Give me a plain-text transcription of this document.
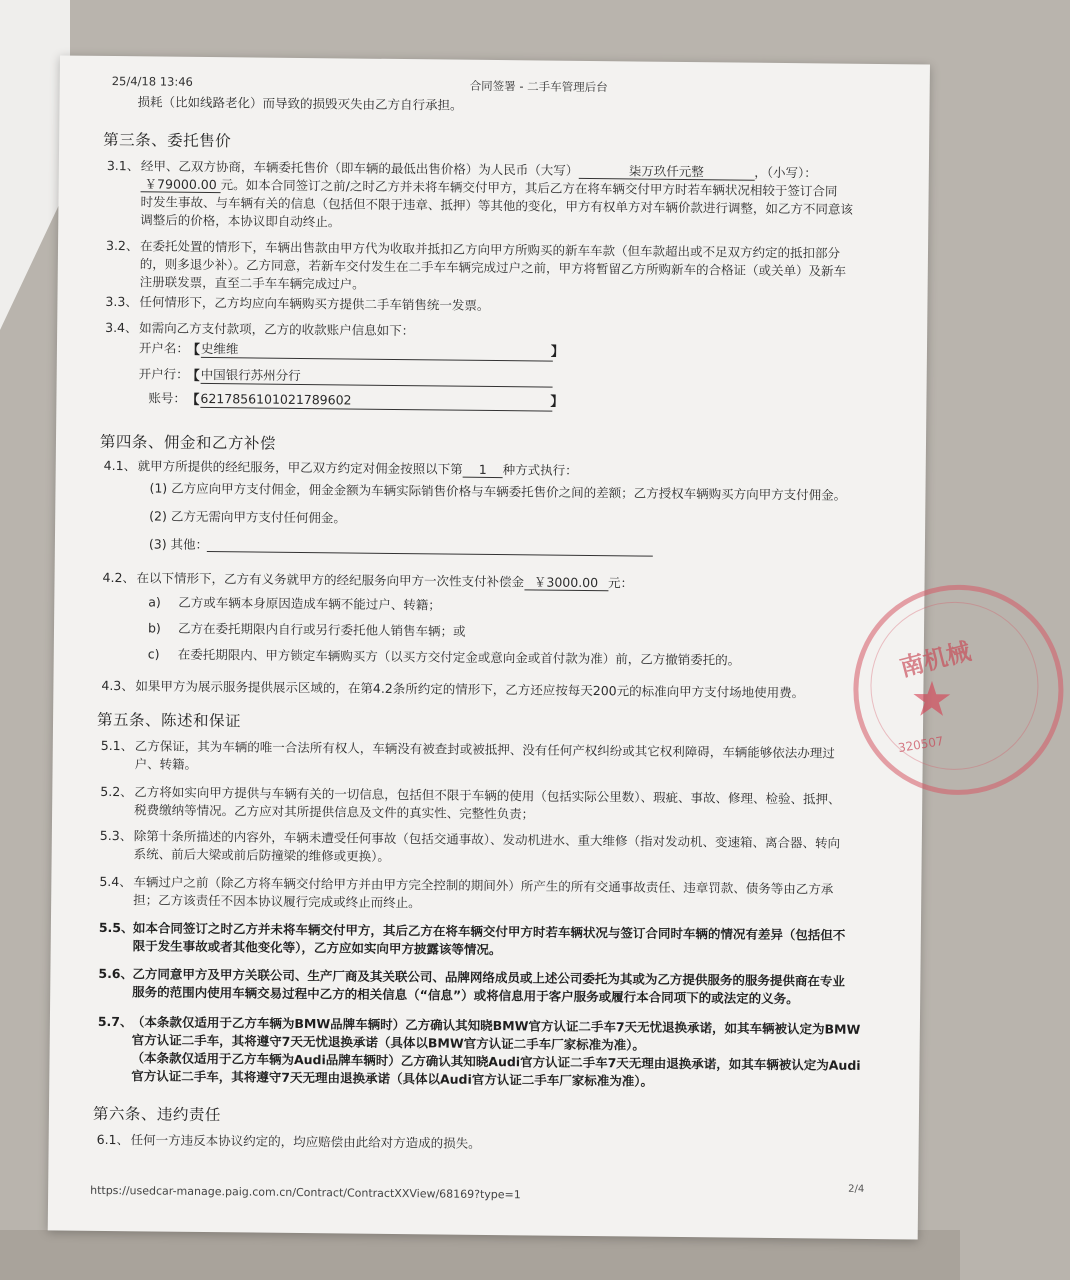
25/4/18 13:46	合同签署 - 二手车管理后台
损耗（比如线路老化）而导致的损毁灭失由乙方自行承担。
第三条、委托售价
3.1、 经甲、乙双方协商，车辆委托售价（即车辆的最低出售价格）为人民币（大写）	柒万玖仟元整	，（小写）：
￥79000.00 元。如本合同签订之前/之时乙方并未将车辆交付甲方，其后乙方在将车辆交付甲方时若车辆状况相较于签订合同
时发生事故、与车辆有关的信息（包括但不限于违章、抵押）等其他的变化，甲方有权单方对车辆价款进行调整，如乙方不同意该
调整后的价格，本协议即自动终止。
3.2、 在委托处置的情形下，车辆出售款由甲方代为收取并抵扣乙方向甲方所购买的新车车款（但车款超出或不足双方约定的抵扣部分
的，则多退少补）。乙方同意，若新车交付发生在二手车车辆完成过户之前，甲方将暂留乙方所购新车的合格证（或关单）及新车
注册联发票，直至二手车车辆完成过户。
3.3、 任何情形下，乙方均应向车辆购买方提供二手车销售统一发票。
3.4、 如需向乙方支付款项，乙方的收款账户信息如下：
开户名：
【 史维维	】
开户行：
【 中国银行苏州分行
账号： 【 6217856101021789602	】
第四条、佣金和乙方补偿
4.1、 就甲方所提供的经纪服务，甲乙双方约定对佣金按照以下第 1 种方式执行：
(1) 乙方应向甲方支付佣金，佣金金额为车辆实际销售价格与车辆委托售价之间的差额；乙方授权车辆购买方向甲方支付佣金。
(2) 乙方无需向甲方支付任何佣金。
(3) 其他：
4.2、 在以下情形下，乙方有义务就甲方的经纪服务向甲方一次性支付补偿金 ￥3000.00 元：
a) 乙方或车辆本身原因造成车辆不能过户、转籍；
b) 乙方在委托期限内自行或另行委托他人销售车辆；或
c) 在委托期限内、甲方锁定车辆购买方（以买方交付定金或意向金或首付款为准）前，乙方撤销委托的。
4.3、 如果甲方为展示服务提供展示区域的，在第4.2条所约定的情形下，乙方还应按每天200元的标准向甲方支付场地使用费。
第五条、陈述和保证
5.1、 乙方保证，其为车辆的唯一合法所有权人，车辆没有被查封或被抵押、没有任何产权纠纷或其它权利障碍，车辆能够依法办理过
户、转籍。
5.2、 乙方将如实向甲方提供与车辆有关的一切信息，包括但不限于车辆的使用（包括实际公里数）、瑕疵、事故、修理、检验、抵押、
税费缴纳等情况。乙方应对其所提供信息及文件的真实性、完整性负责；
5.3、 除第十条所描述的内容外，车辆未遭受任何事故（包括交通事故）、发动机进水、重大维修（指对发动机、变速箱、离合器、转向
系统、前后大梁或前后防撞梁的维修或更换）。
5.4、 车辆过户之前（除乙方将车辆交付给甲方并由甲方完全控制的期间外）所产生的所有交通事故责任、违章罚款、债务等由乙方承
担；乙方该责任不因本协议履行完成或终止而终止。
5.5、 如本合同签订之时乙方并未将车辆交付甲方，其后乙方在将车辆交付甲方时若车辆状况与签订合同时车辆的情况有差异（包括但不
限于发生事故或者其他变化等），乙方应如实向甲方披露该等情况。
5.6、 乙方同意甲方及甲方关联公司、生产厂商及其关联公司、品牌网络成员或上述公司委托为其或为乙方提供服务的服务提供商在专业
服务的范围内使用车辆交易过程中乙方的相关信息（“信息”）或将信息用于客户服务或履行本合同项下的或法定的义务。
5.7、 （本条款仅适用于乙方车辆为BMW品牌车辆时）乙方确认其知晓BMW官方认证二手车7天无忧退换承诺，如其车辆被认定为BMW
官方认证二手车，其将遵守7天无忧退换承诺（具体以BMW官方认证二手车厂家标准为准）。
（本条款仅适用于乙方车辆为Audi品牌车辆时）乙方确认其知晓Audi官方认证二手车7天无理由退换承诺，如其车辆被认定为Audi
官方认证二手车，其将遵守7天无理由退换承诺（具体以Audi官方认证二手车厂家标准为准）。
第六条、违约责任
6.1、 任何一方违反本协议约定的，均应赔偿由此给对方造成的损失。
https://usedcar-manage.paig.com.cn/Contract/ContractXXView/68169?type=1	2/4
南机械
★
320507
